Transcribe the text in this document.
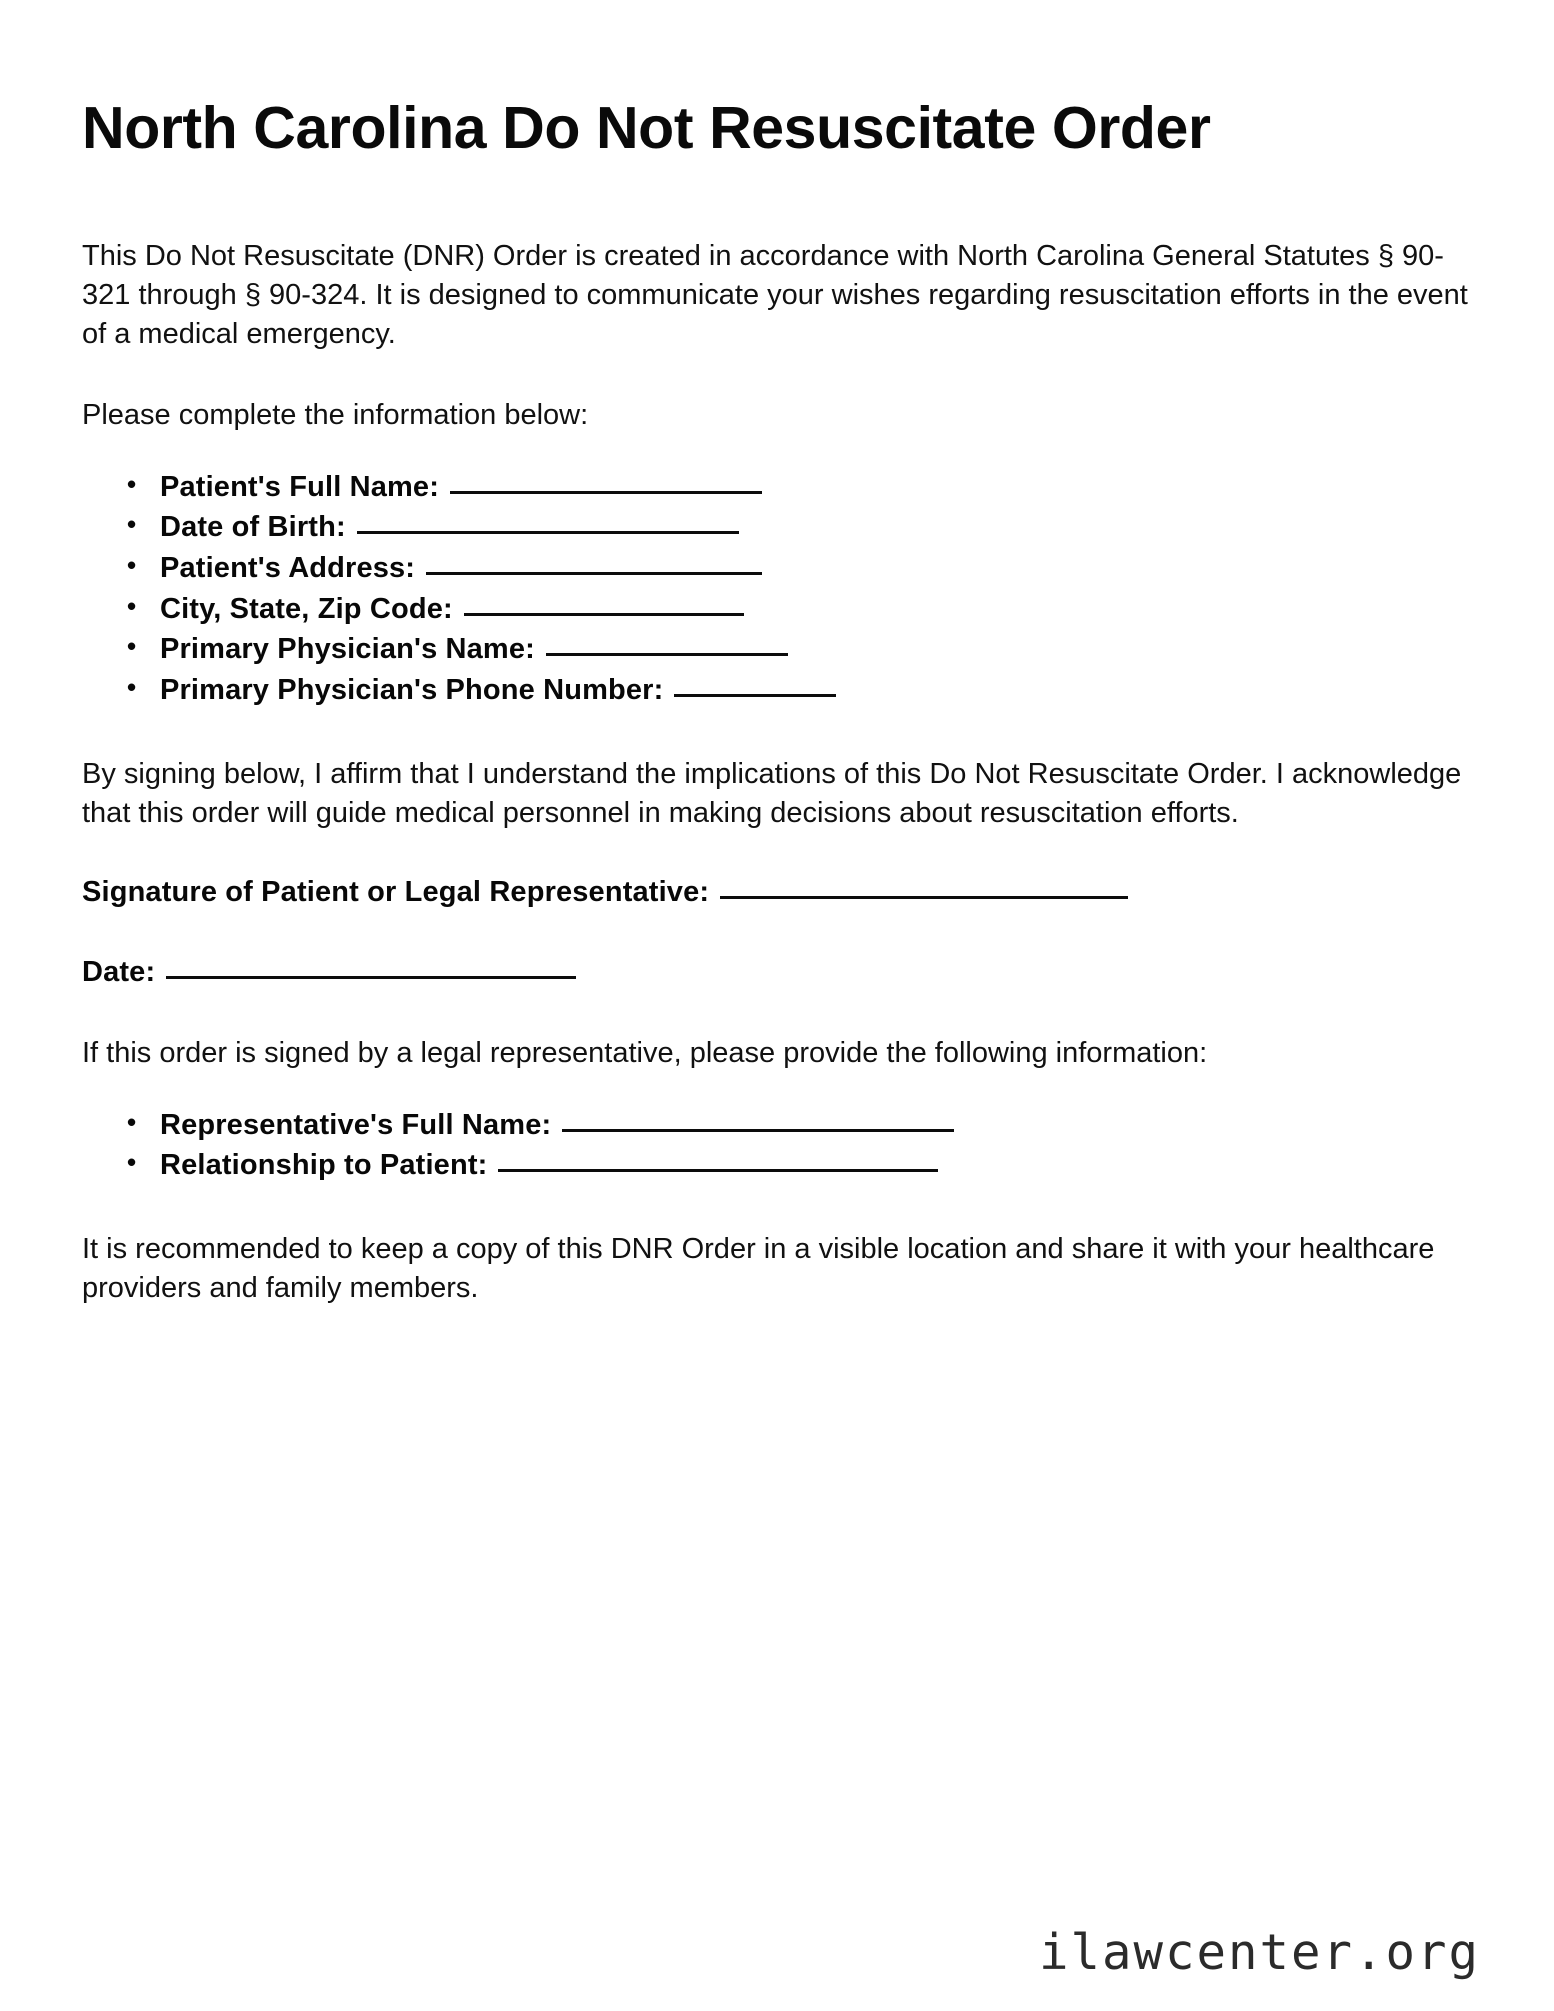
North Carolina Do Not Resuscitate Order

This Do Not Resuscitate (DNR) Order is created in accordance with North Carolina General Statutes § 90-321 through § 90-324. It is designed to communicate your wishes regarding resuscitation efforts in the event of a medical emergency.

Please complete the information below:

• Patient's Full Name:
• Date of Birth:
• Patient's Address:
• City, State, Zip Code:
• Primary Physician's Name:
• Primary Physician's Phone Number:

By signing below, I affirm that I understand the implications of this Do Not Resuscitate Order. I acknowledge that this order will guide medical personnel in making decisions about resuscitation efforts.

Signature of Patient or Legal Representative:

Date:

If this order is signed by a legal representative, please provide the following information:

• Representative's Full Name:
• Relationship to Patient:

It is recommended to keep a copy of this DNR Order in a visible location and share it with your healthcare providers and family members.

ilawcenter.org
